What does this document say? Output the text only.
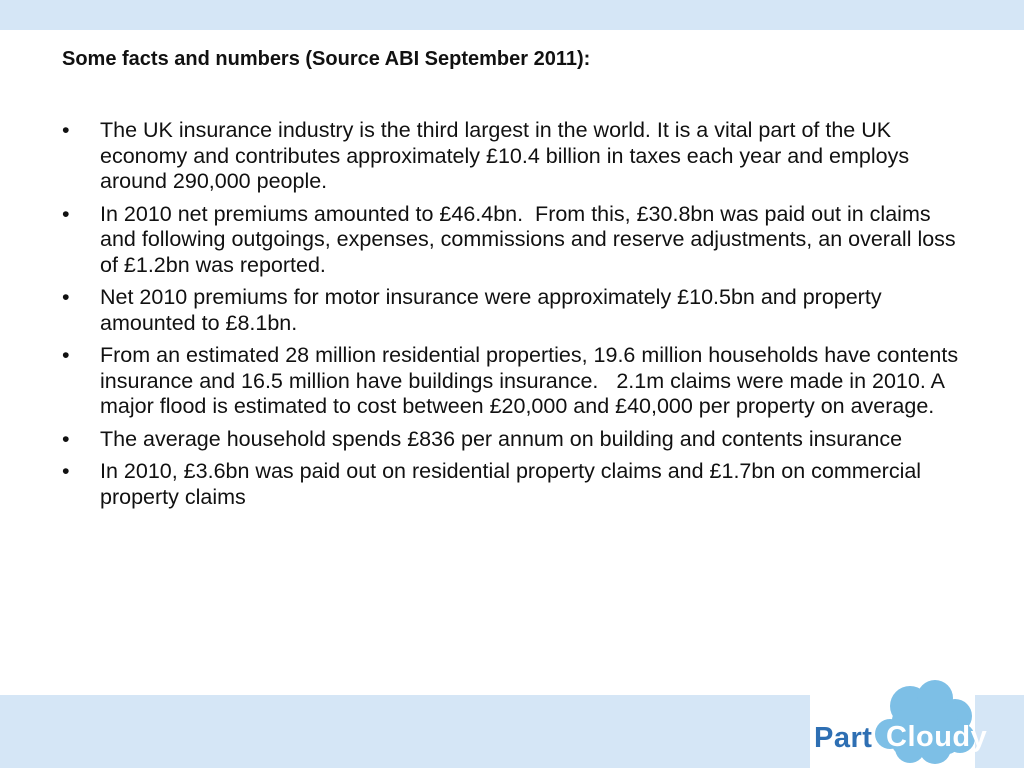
Some facts and numbers (Source ABI September 2011):
•	The UK insurance industry is the third largest in the world. It is a vital part of the UK economy and contributes approximately £10.4 billion in taxes each year and employs around 290,000 people.
•	In 2010 net premiums amounted to £46.4bn.  From this, £30.8bn was paid out in claims and following outgoings, expenses, commissions and reserve adjustments, an overall loss of £1.2bn was reported.
•	Net 2010 premiums for motor insurance were approximately £10.5bn and property amounted to £8.1bn.
•	From an estimated 28 million residential properties, 19.6 million households have contents insurance and 16.5 million have buildings insurance.   2.1m claims were made in 2010. A major flood is estimated to cost between £20,000 and £40,000 per property on average.
•	The average household spends £836 per annum on building and contents insurance
•	In 2010, £3.6bn was paid out on residential property claims and £1.7bn on commercial property claims
Part Cloudy
